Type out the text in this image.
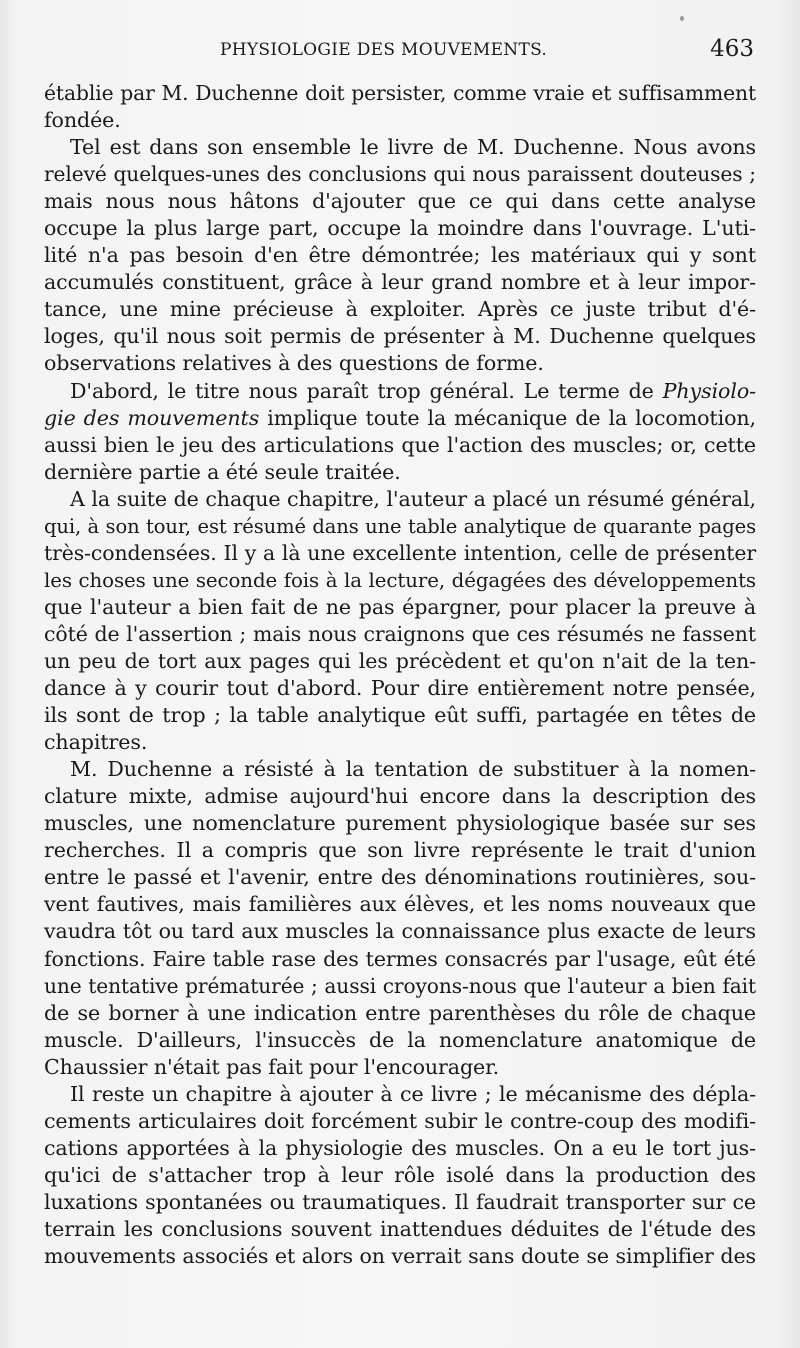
PHYSIOLOGIE DES MOUVEMENTS.	463
établie par M. Duchenne doit persister, comme vraie et suffisamment
fondée.
Tel est dans son ensemble le livre de M. Duchenne. Nous avons
relevé quelques-unes des conclusions qui nous paraissent douteuses ;
mais nous nous hâtons d'ajouter que ce qui dans cette analyse
occupe la plus large part, occupe la moindre dans l'ouvrage. L'uti-
lité n'a pas besoin d'en être démontrée; les matériaux qui y sont
accumulés constituent, grâce à leur grand nombre et à leur impor-
tance, une mine précieuse à exploiter. Après ce juste tribut d'é-
loges, qu'il nous soit permis de présenter à M. Duchenne quelques
observations relatives à des questions de forme.
D'abord, le titre nous paraît trop général. Le terme de Physiolo-
gie des mouvements implique toute la mécanique de la locomotion,
aussi bien le jeu des articulations que l'action des muscles; or, cette
dernière partie a été seule traitée.
A la suite de chaque chapitre, l'auteur a placé un résumé général,
qui, à son tour, est résumé dans une table analytique de quarante pages
très-condensées. Il y a là une excellente intention, celle de présenter
les choses une seconde fois à la lecture, dégagées des développements
que l'auteur a bien fait de ne pas épargner, pour placer la preuve à
côté de l'assertion ; mais nous craignons que ces résumés ne fassent
un peu de tort aux pages qui les précèdent et qu'on n'ait de la ten-
dance à y courir tout d'abord. Pour dire entièrement notre pensée,
ils sont de trop ; la table analytique eût suffi, partagée en têtes de
chapitres.
M. Duchenne a résisté à la tentation de substituer à la nomen-
clature mixte, admise aujourd'hui encore dans la description des
muscles, une nomenclature purement physiologique basée sur ses
recherches. Il a compris que son livre représente le trait d'union
entre le passé et l'avenir, entre des dénominations routinières, sou-
vent fautives, mais familières aux élèves, et les noms nouveaux que
vaudra tôt ou tard aux muscles la connaissance plus exacte de leurs
fonctions. Faire table rase des termes consacrés par l'usage, eût été
une tentative prématurée ; aussi croyons-nous que l'auteur a bien fait
de se borner à une indication entre parenthèses du rôle de chaque
muscle. D'ailleurs, l'insuccès de la nomenclature anatomique de
Chaussier n'était pas fait pour l'encourager.
Il reste un chapitre à ajouter à ce livre ; le mécanisme des dépla-
cements articulaires doit forcément subir le contre-coup des modifi-
cations apportées à la physiologie des muscles. On a eu le tort jus-
qu'ici de s'attacher trop à leur rôle isolé dans la production des
luxations spontanées ou traumatiques. Il faudrait transporter sur ce
terrain les conclusions souvent inattendues déduites de l'étude des
mouvements associés et alors on verrait sans doute se simplifier des
